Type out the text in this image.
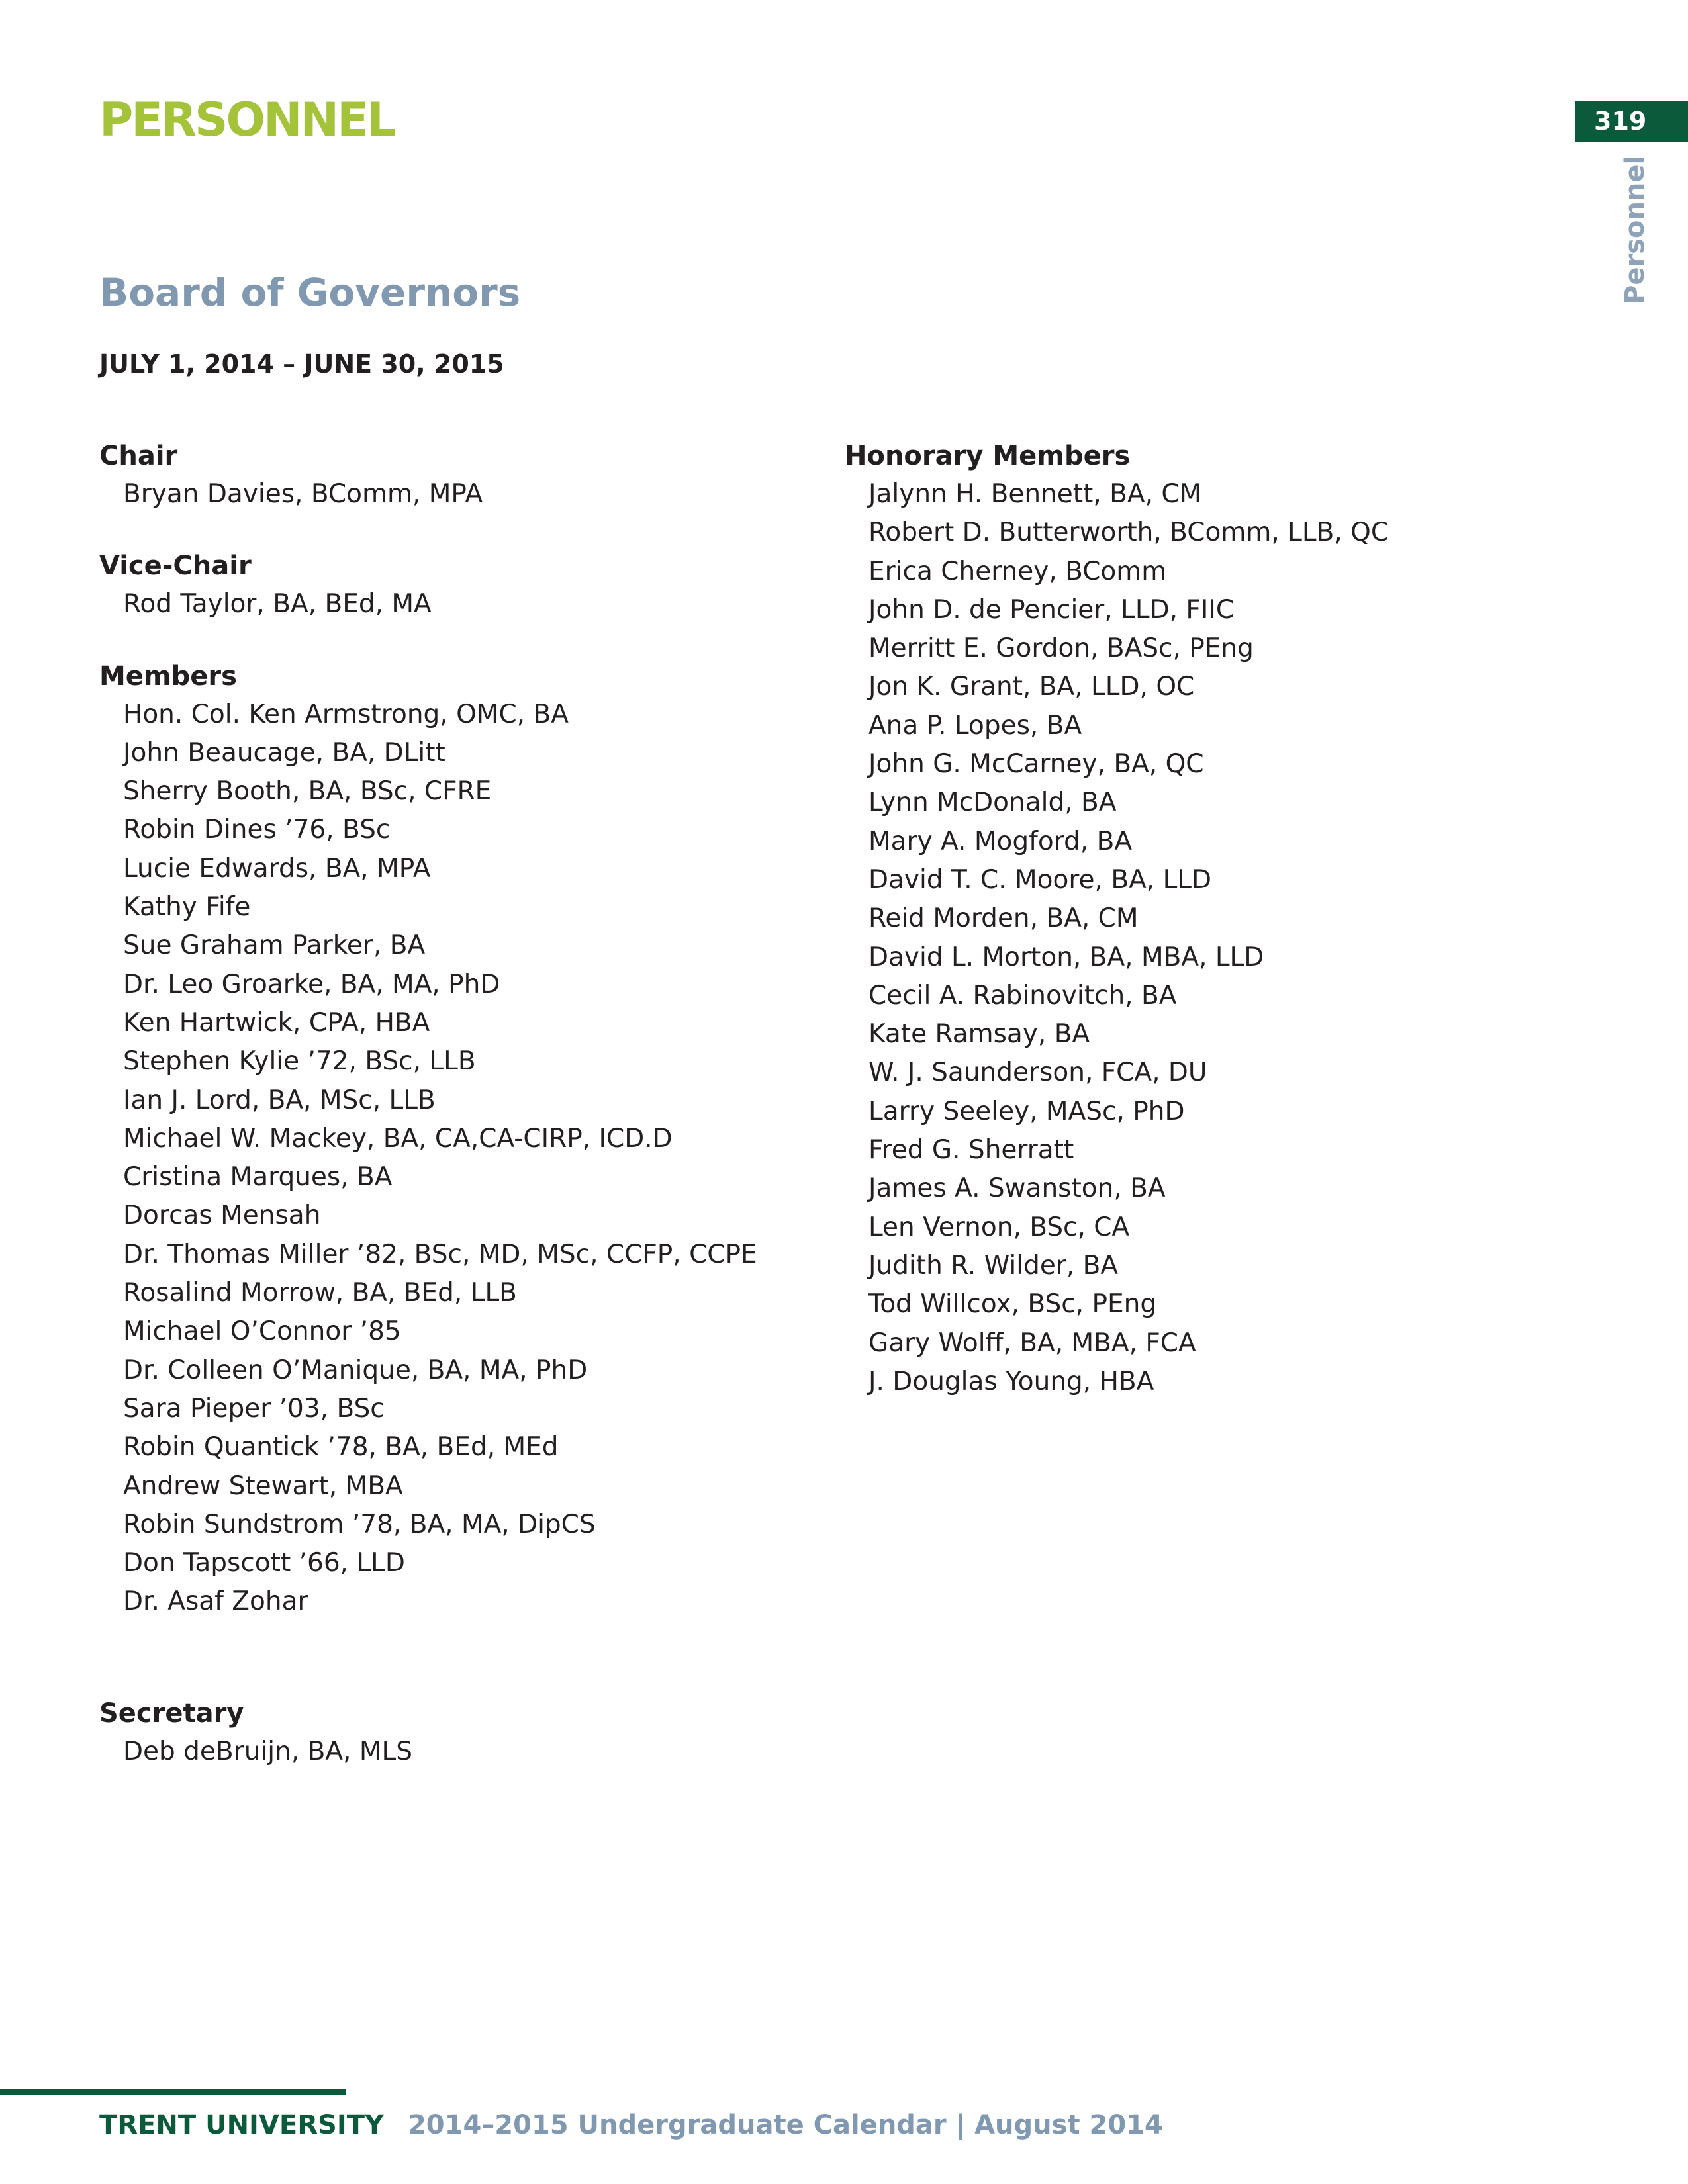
PERSONNEL	319
Personnel
Board of Governors
JULY 1, 2014 – JUNE 30, 2015
Chair
Bryan Davies, BComm, MPA
Vice-Chair
Rod Taylor, BA, BEd, MA
Members
Hon. Col. Ken Armstrong, OMC, BA
John Beaucage, BA, DLitt
Sherry Booth, BA, BSc, CFRE
Robin Dines ’76, BSc
Lucie Edwards, BA, MPA
Kathy Fife
Sue Graham Parker, BA
Dr. Leo Groarke, BA, MA, PhD
Ken Hartwick, CPA, HBA
Stephen Kylie ’72, BSc, LLB
Ian J. Lord, BA, MSc, LLB
Michael W. Mackey, BA, CA,CA-CIRP, ICD.D
Cristina Marques, BA
Dorcas Mensah
Dr. Thomas Miller ’82, BSc, MD, MSc, CCFP, CCPE
Rosalind Morrow, BA, BEd, LLB
Michael O’Connor ’85
Dr. Colleen O’Manique, BA, MA, PhD
Sara Pieper ’03, BSc
Robin Quantick ’78, BA, BEd, MEd
Andrew Stewart, MBA
Robin Sundstrom ’78, BA, MA, DipCS
Don Tapscott ’66, LLD
Dr. Asaf Zohar
Secretary
Deb deBruijn, BA, MLS
Honorary Members
Jalynn H. Bennett, BA, CM
Robert D. Butterworth, BComm, LLB, QC
Erica Cherney, BComm
John D. de Pencier, LLD, FIIC
Merritt E. Gordon, BASc, PEng
Jon K. Grant, BA, LLD, OC
Ana P. Lopes, BA
John G. McCarney, BA, QC
Lynn McDonald, BA
Mary A. Mogford, BA
David T. C. Moore, BA, LLD
Reid Morden, BA, CM
David L. Morton, BA, MBA, LLD
Cecil A. Rabinovitch, BA
Kate Ramsay, BA
W. J. Saunderson, FCA, DU
Larry Seeley, MASc, PhD
Fred G. Sherratt
James A. Swanston, BA
Len Vernon, BSc, CA
Judith R. Wilder, BA
Tod Willcox, BSc, PEng
Gary Wolff, BA, MBA, FCA
J. Douglas Young, HBA
TRENT UNIVERSITY 2014–2015 Undergraduate Calendar | August 2014
